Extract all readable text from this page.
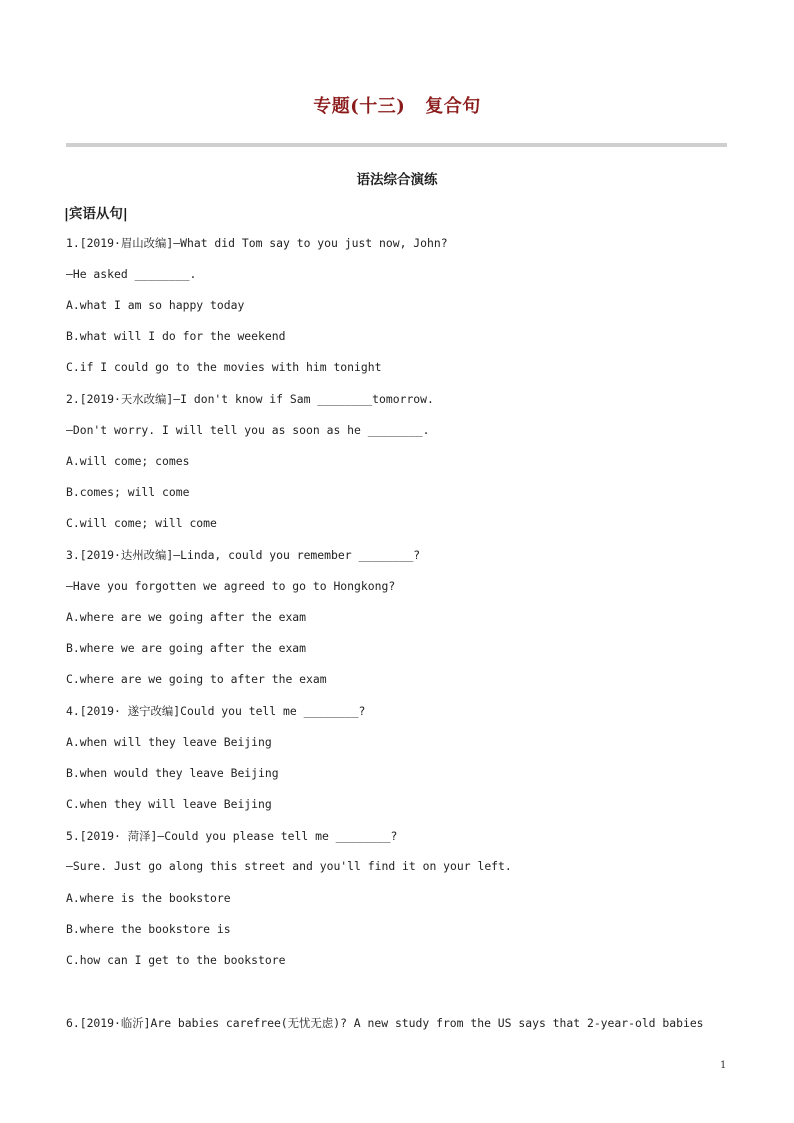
专题(十三) 复合句
语法综合演练
|宾语从句|
1.[2019·眉山改编]—What did Tom say to you just now, John?
—He asked ________.
A.what I am so happy today
B.what will I do for the weekend
C.if I could go to the movies with him tonight
2.[2019·天水改编]—I don't know if Sam ________tomorrow.
—Don't worry. I will tell you as soon as he ________.
A.will come; comes
B.comes; will come
C.will come; will come
3.[2019·达州改编]—Linda, could you remember ________?
—Have you forgotten we agreed to go to Hongkong?
A.where are we going after the exam
B.where we are going after the exam
C.where are we going to after the exam
4.[2019· 遂宁改编]Could you tell me ________?
A.when will they leave Beijing
B.when would they leave Beijing
C.when they will leave Beijing
5.[2019· 菏泽]—Could you please tell me ________?
—Sure. Just go along this street and you'll find it on your left.
A.where is the bookstore
B.where the bookstore is
C.how can I get to the bookstore
6.[2019·临沂]Are babies carefree(无忧无虑)? A new study from the US says that 2-year-old babies
1
